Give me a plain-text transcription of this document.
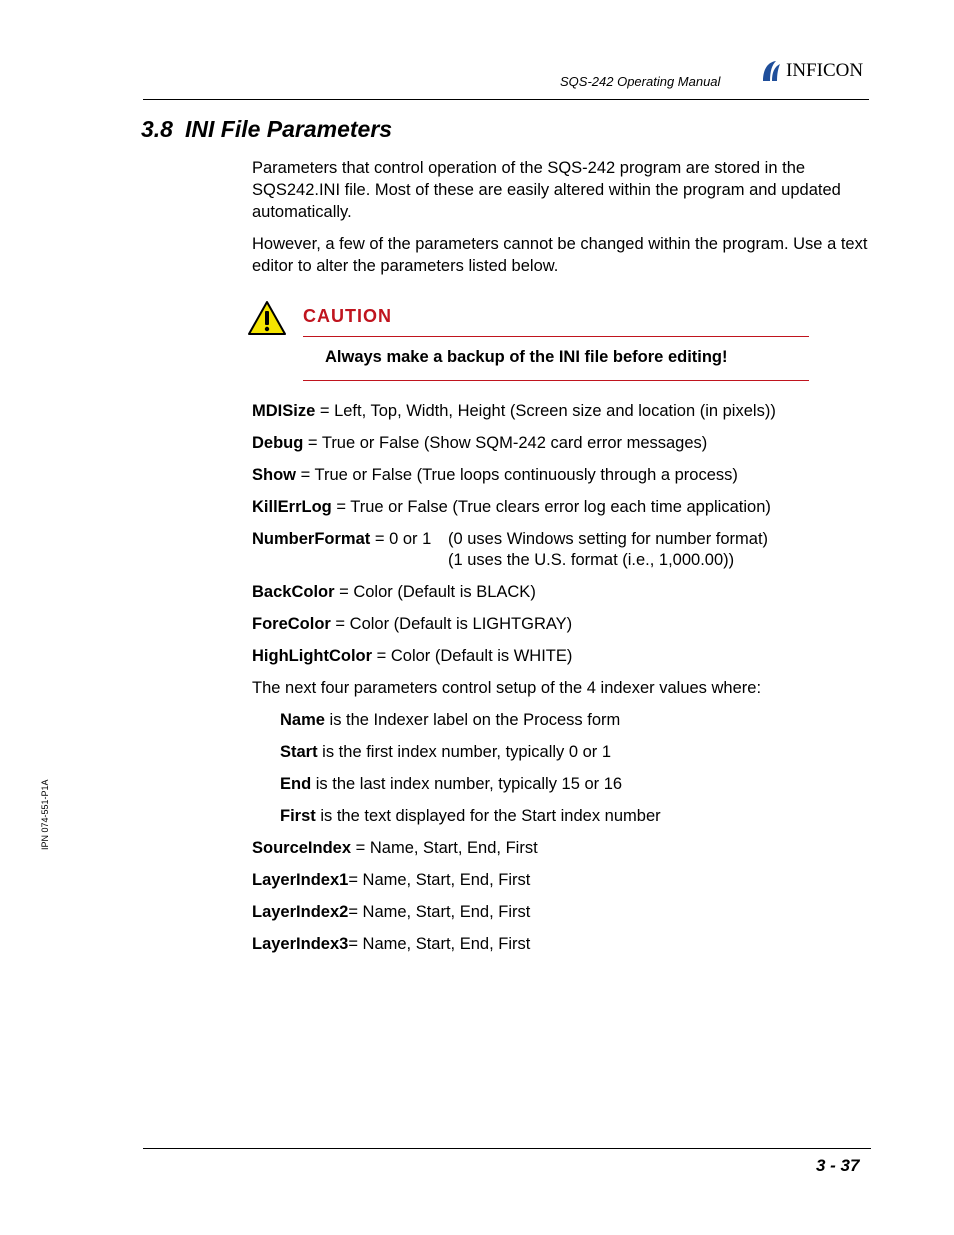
SQS-242 Operating Manual
INFICON
3.8 INI File Parameters
Parameters that control operation of the SQS-242 program are stored in the SQS242.INI file. Most of these are easily altered within the program and updated automatically.
However, a few of the parameters cannot be changed within the program. Use a text editor to alter the parameters listed below.
CAUTION
Always make a backup of the INI file before editing!
MDISize = Left, Top, Width, Height (Screen size and location (in pixels))
Debug = True or False (Show SQM-242 card error messages)
Show = True or False (True loops continuously through a process)
KillErrLog = True or False (True clears error log each time application)
NumberFormat = 0 or 1 (0 uses Windows setting for number format)
(1 uses the U.S. format (i.e., 1,000.00))
BackColor = Color (Default is BLACK)
ForeColor = Color (Default is LIGHTGRAY)
HighLightColor = Color (Default is WHITE)
The next four parameters control setup of the 4 indexer values where:
Name is the Indexer label on the Process form
Start is the first index number, typically 0 or 1
End is the last index number, typically 15 or 16
First is the text displayed for the Start index number
SourceIndex = Name, Start, End, First
LayerIndex1= Name, Start, End, First
LayerIndex2= Name, Start, End, First
LayerIndex3= Name, Start, End, First
IPN 074-551-P1A
3 - 37
